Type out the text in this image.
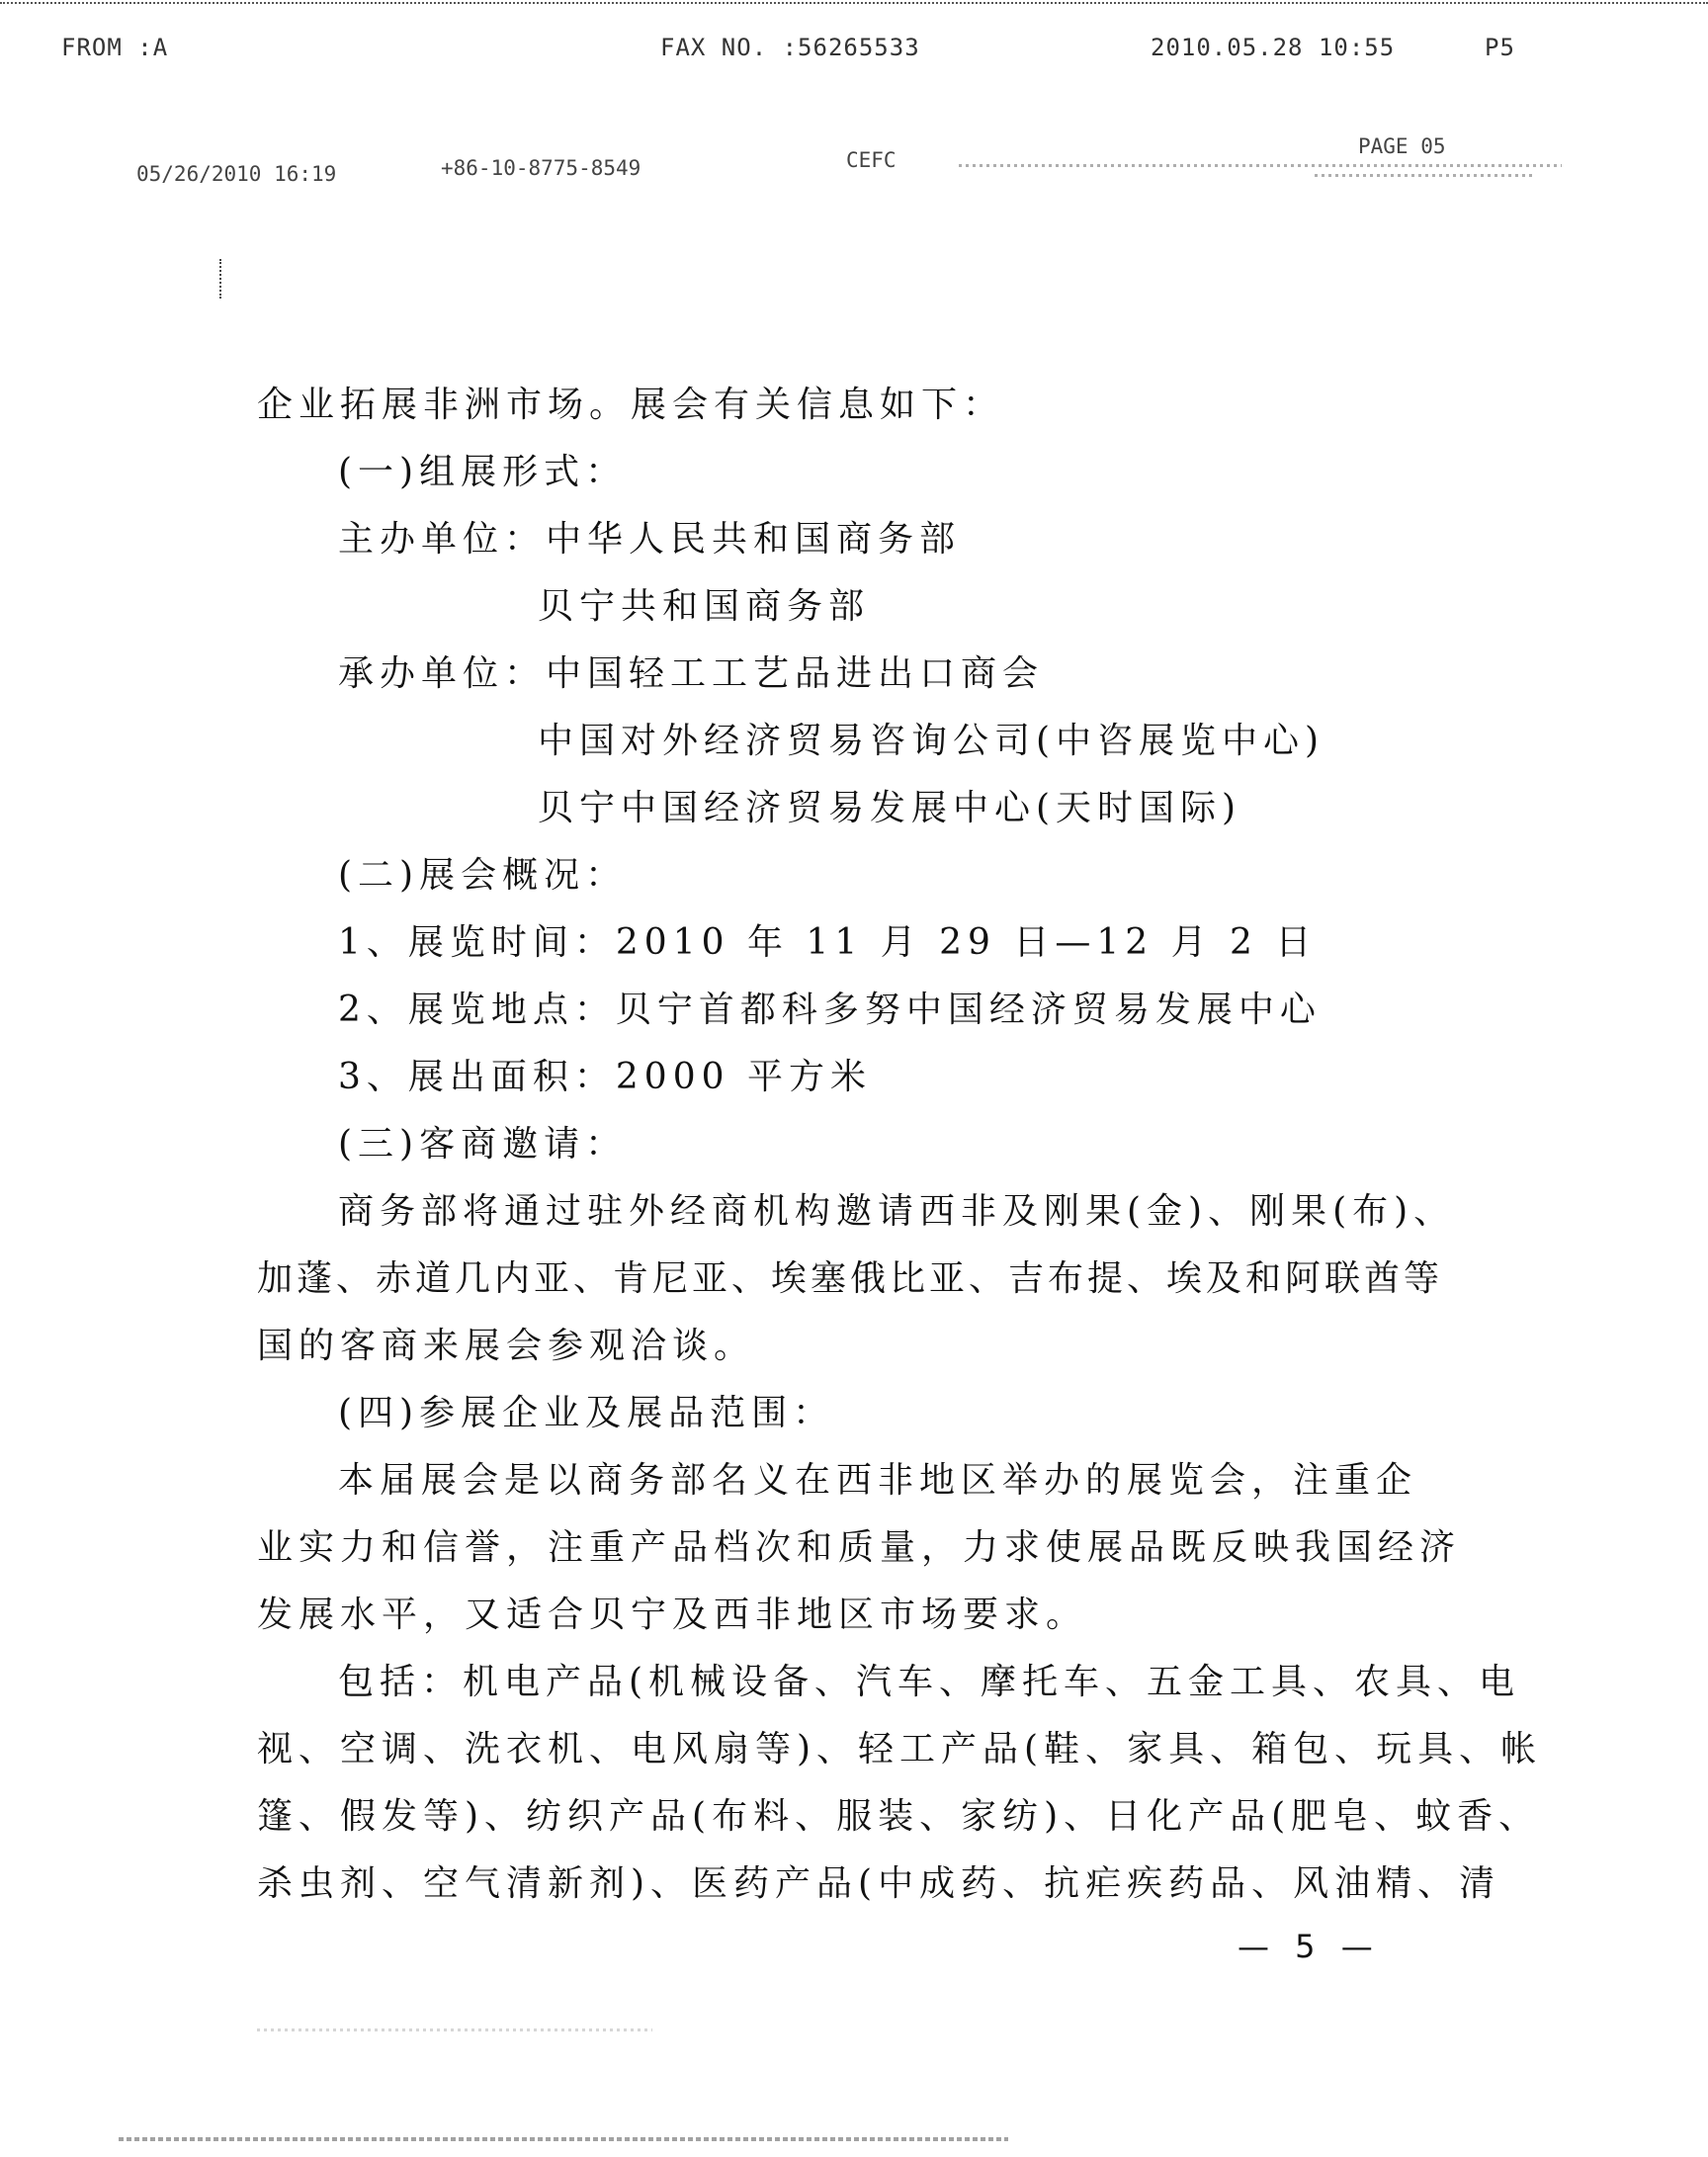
FROM :A	FAX NO. :56265533	2010.05.28 10:55	P5
05/26/2010 16:19	+86-10-8775-8549	CEFC
PAGE 05
企业拓展非洲市场。展会有关信息如下：
(一)组展形式：
主办单位：中华人民共和国商务部
贝宁共和国商务部
承办单位：中国轻工工艺品进出口商会
中国对外经济贸易咨询公司(中咨展览中心)
贝宁中国经济贸易发展中心(天时国际)
(二)展会概况：
1、展览时间：2010 年 11 月 29 日—12 月 2 日
2、展览地点：贝宁首都科多努中国经济贸易发展中心
3、展出面积：2000 平方米
(三)客商邀请：
商务部将通过驻外经商机构邀请西非及刚果(金)、刚果(布)、
加蓬、赤道几内亚、肯尼亚、埃塞俄比亚、吉布提、埃及和阿联酋等
国的客商来展会参观洽谈。
(四)参展企业及展品范围：
本届展会是以商务部名义在西非地区举办的展览会，注重企
业实力和信誉，注重产品档次和质量，力求使展品既反映我国经济
发展水平，又适合贝宁及西非地区市场要求。
包括：机电产品(机械设备、汽车、摩托车、五金工具、农具、电
视、空调、洗衣机、电风扇等)、轻工产品(鞋、家具、箱包、玩具、帐
篷、假发等)、纺织产品(布料、服装、家纺)、日化产品(肥皂、蚊香、
杀虫剂、空气清新剂)、医药产品(中成药、抗疟疾药品、风油精、清
— 5 —
